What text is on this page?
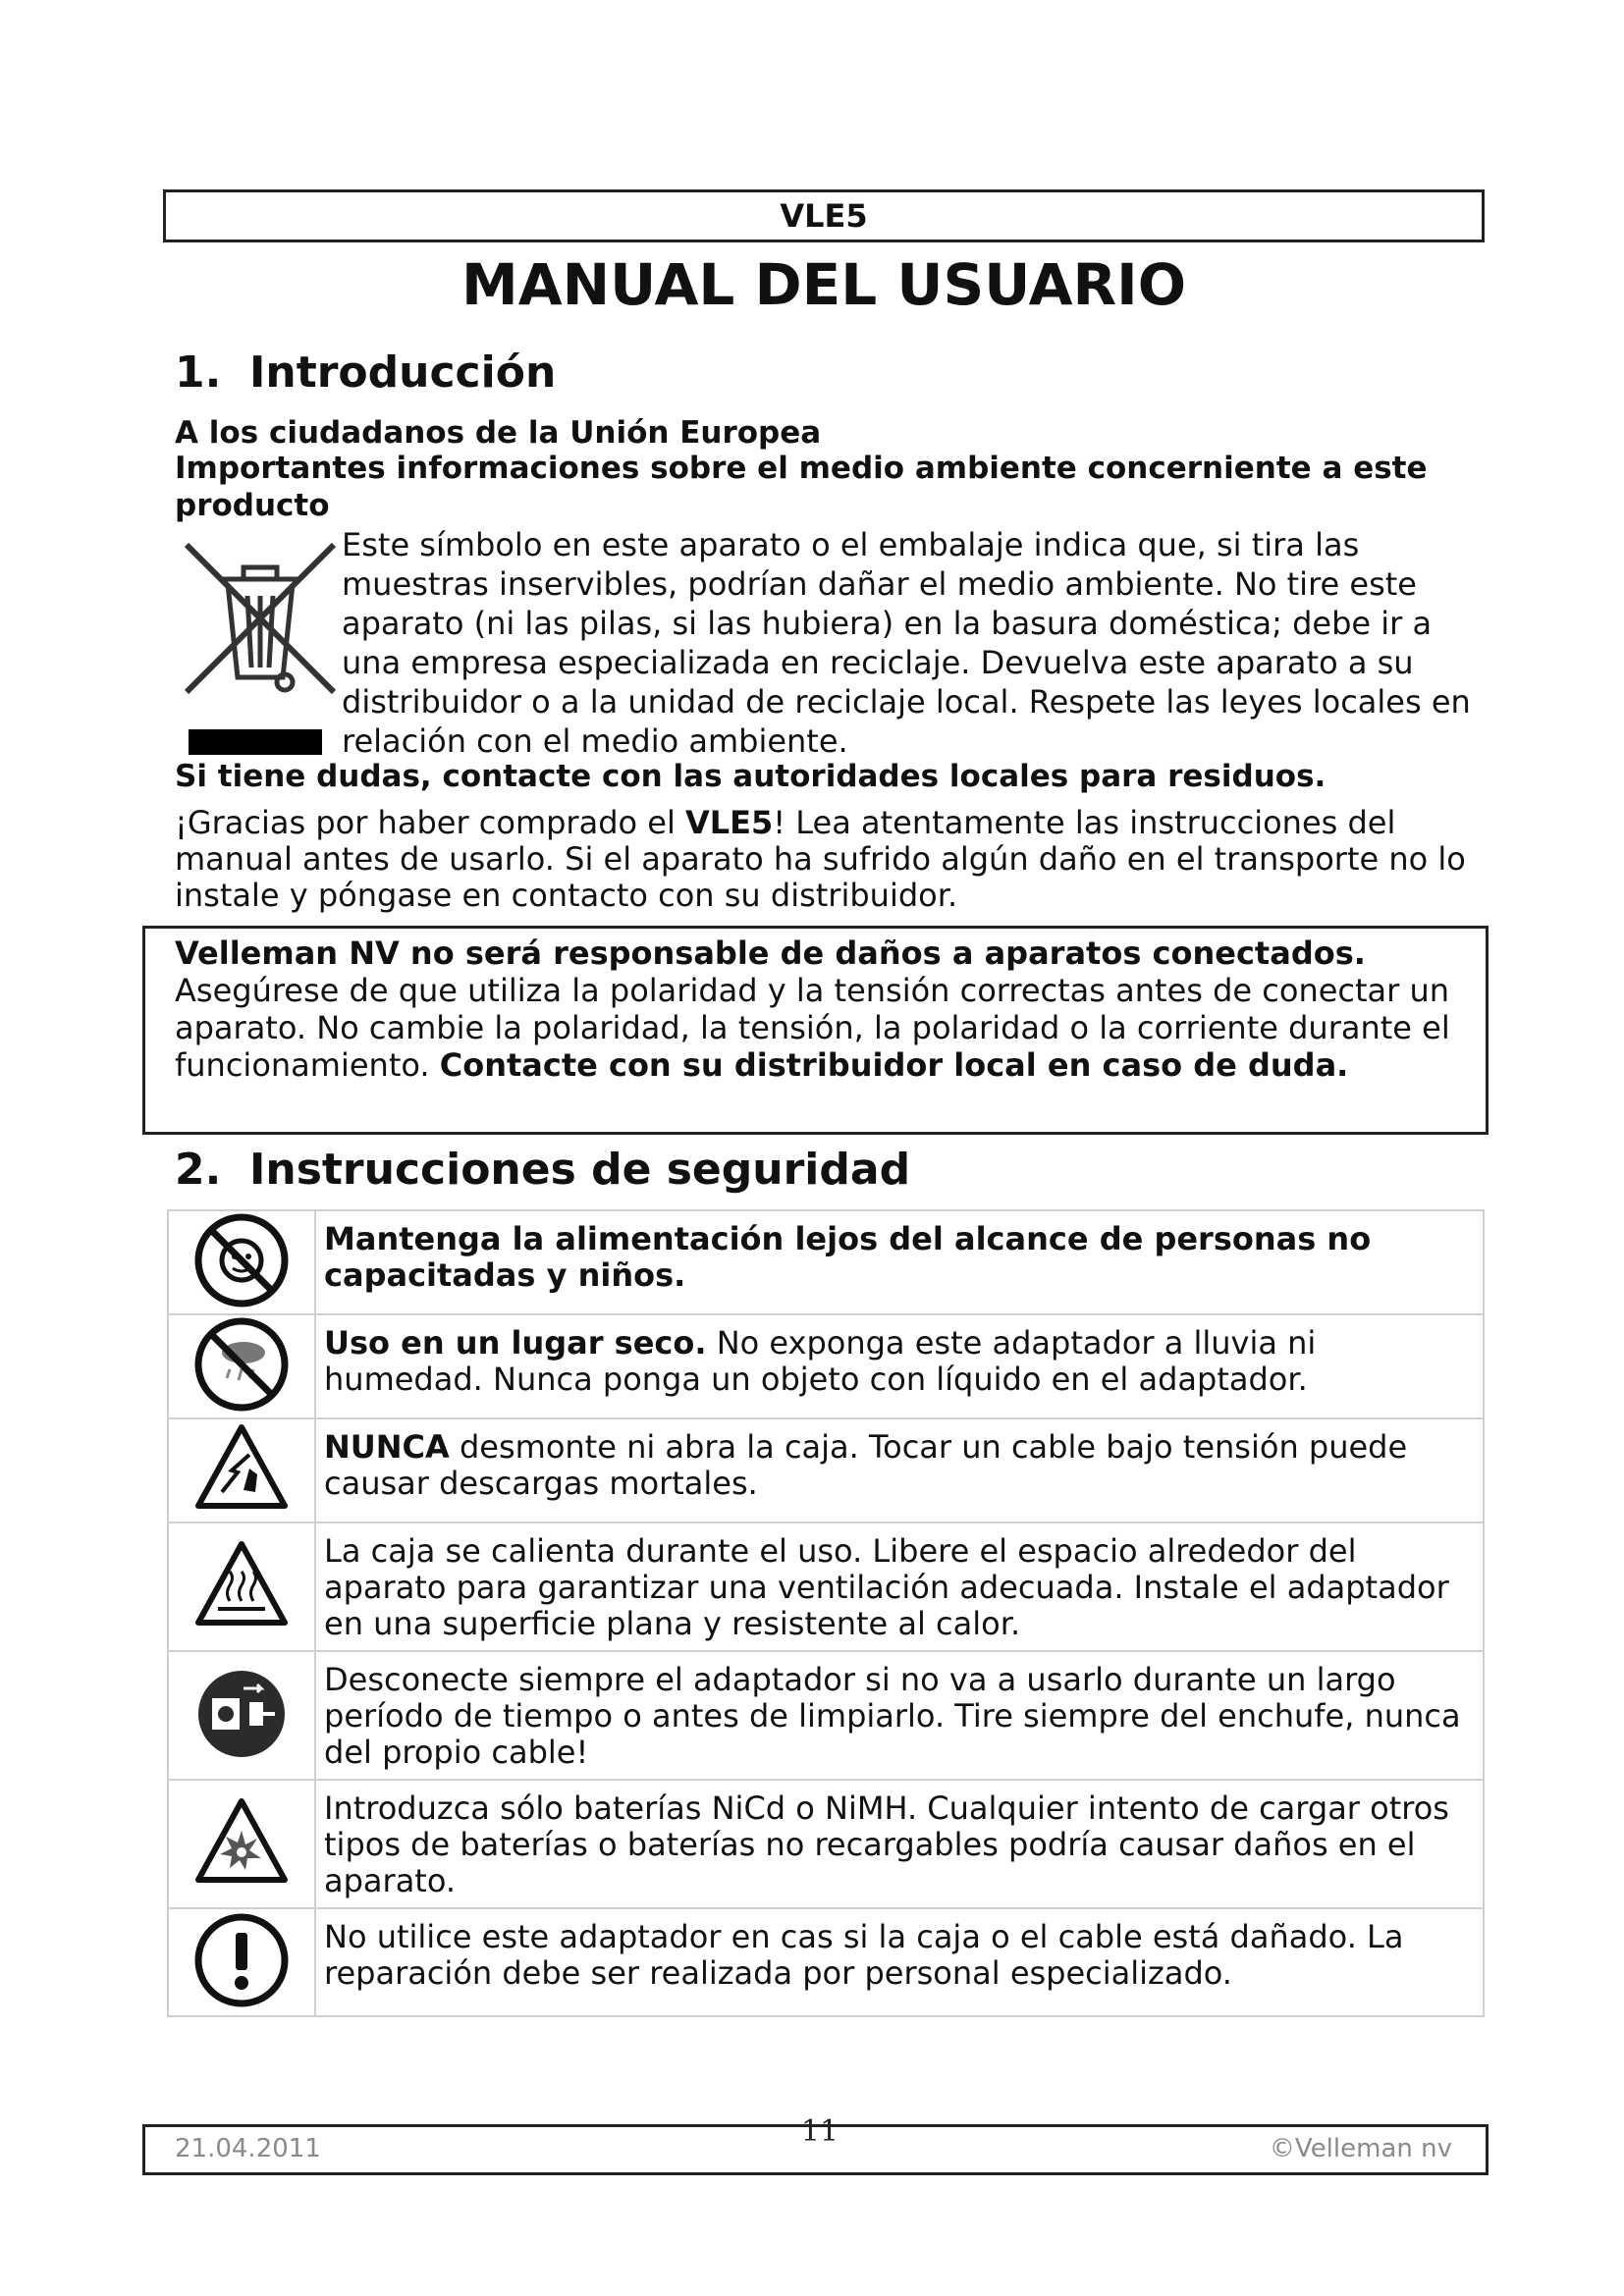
VLE5
MANUAL DEL USUARIO
1. Introducción
A los ciudadanos de la Unión Europea
Importantes informaciones sobre el medio ambiente concerniente a este producto
Este símbolo en este aparato o el embalaje indica que, si tira las muestras inservibles, podrían dañar el medio ambiente. No tire este aparato (ni las pilas, si las hubiera) en la basura doméstica; debe ir a una empresa especializada en reciclaje. Devuelva este aparato a su distribuidor o a la unidad de reciclaje local. Respete las leyes locales en relación con el medio ambiente.
Si tiene dudas, contacte con las autoridades locales para residuos.
¡Gracias por haber comprado el VLE5! Lea atentamente las instrucciones del manual antes de usarlo. Si el aparato ha sufrido algún daño en el transporte no lo instale y póngase en contacto con su distribuidor.
Velleman NV no será responsable de daños a aparatos conectados.
Asegúrese de que utiliza la polaridad y la tensión correctas antes de conectar un aparato. No cambie la polaridad, la tensión, la polaridad o la corriente durante el funcionamiento. Contacte con su distribuidor local en caso de duda.
2. Instrucciones de seguridad
	Mantenga la alimentación lejos del alcance de personas no capacitadas y niños.
	Uso en un lugar seco. No exponga este adaptador a lluvia ni humedad. Nunca ponga un objeto con líquido en el adaptador.
	NUNCA desmonte ni abra la caja. Tocar un cable bajo tensión puede causar descargas mortales.
	La caja se calienta durante el uso. Libere el espacio alrededor del aparato para garantizar una ventilación adecuada. Instale el adaptador en una superficie plana y resistente al calor.
	Desconecte siempre el adaptador si no va a usarlo durante un largo período de tiempo o antes de limpiarlo. Tire siempre del enchufe, nunca del propio cable!
	Introduzca sólo baterías NiCd o NiMH. Cualquier intento de cargar otros tipos de baterías o baterías no recargables podría causar daños en el aparato.
	No utilice este adaptador en cas si la caja o el cable está dañado. La reparación debe ser realizada por personal especializado.
21.04.2011	11	©Velleman nv
